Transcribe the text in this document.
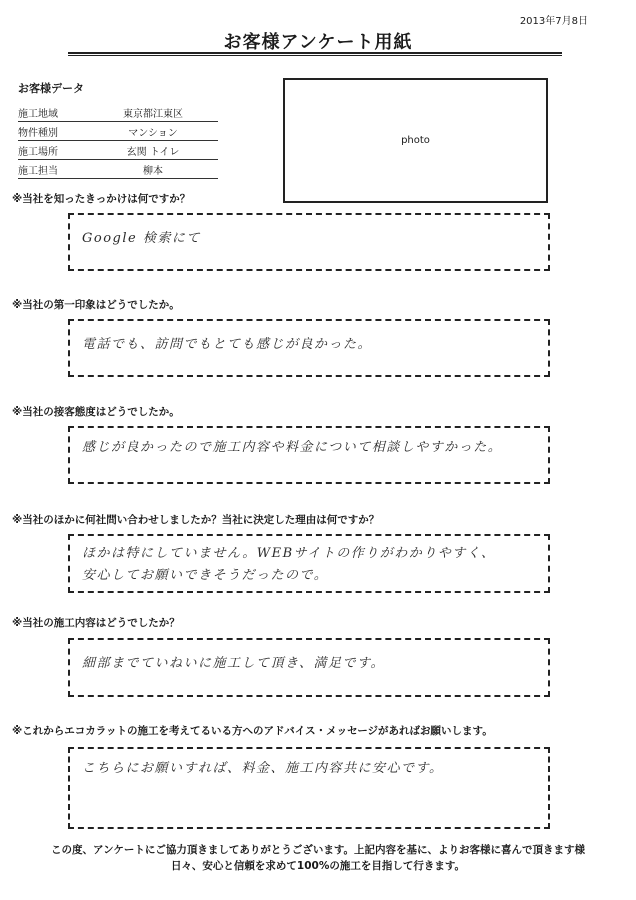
2013年7月8日
お客様アンケート用紙
お客様データ
施工地域	東京都江東区
物件種別	マンション
施工場所	玄関 トイレ
施工担当	柳本
photo
※当社を知ったきっかけは何ですか？
Google 検索にて
※当社の第一印象はどうでしたか。
電話でも、訪問でもとても感じが良かった。
※当社の接客態度はどうでしたか。
感じが良かったので施工内容や料金について相談しやすかった。
※当社のほかに何社問い合わせしましたか？当社に決定した理由は何ですか？
ほかは特にしていません。WEBサイトの作りがわかりやすく、
安心してお願いできそうだったので。
※当社の施工内容はどうでしたか？
細部までていねいに施工して頂き、満足です。
※これからエコカラットの施工を考えてるいる方へのアドバイス・メッセージがあればお願いします。
こちらにお願いすれば、料金、施工内容共に安心です。
この度、アンケートにご協力頂きましてありがとうございます。上記内容を基に、よりお客様に喜んで頂きます様
日々、安心と信頼を求めて100%の施工を目指して行きます。
